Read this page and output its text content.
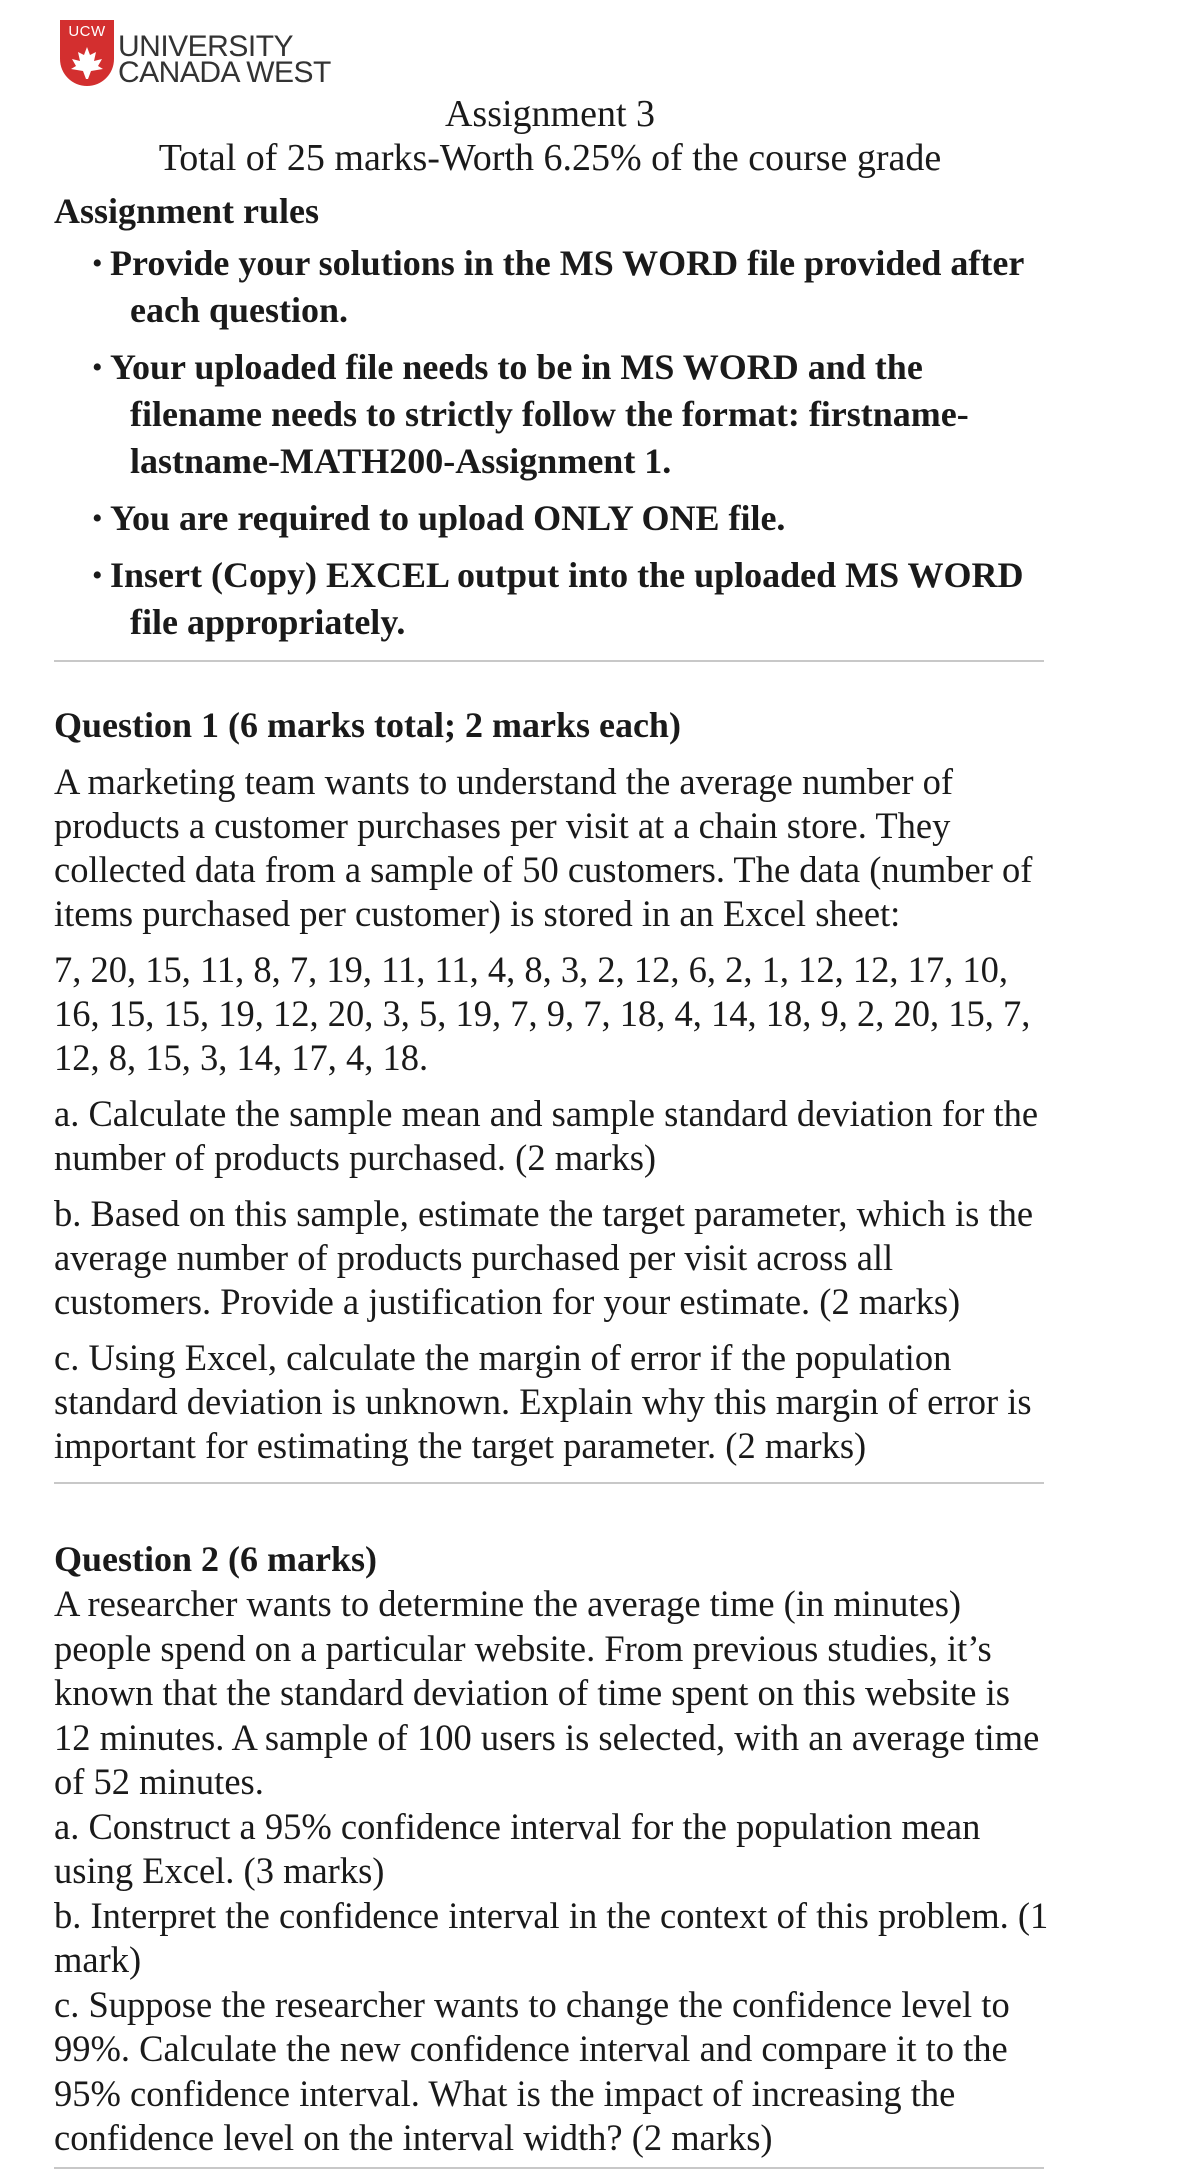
UCW UNIVERSITY
CANADA WEST
Assignment 3
Total of 25 marks-Worth 6.25% of the course grade

Assignment rules

• Provide your solutions in the MS WORD file provided after each question.
• Your uploaded file needs to be in MS WORD and the filename needs to strictly follow the format: firstname-lastname-MATH200-Assignment 1.
• You are required to upload ONLY ONE file.
• Insert (Copy) EXCEL output into the uploaded MS WORD file appropriately.

Question 1 (6 marks total; 2 marks each)

A marketing team wants to understand the average number of products a customer purchases per visit at a chain store. They collected data from a sample of 50 customers. The data (number of items purchased per customer) is stored in an Excel sheet:

7, 20, 15, 11, 8, 7, 19, 11, 11, 4, 8, 3, 2, 12, 6, 2, 1, 12, 12, 17, 10, 16, 15, 15, 19, 12, 20, 3, 5, 19, 7, 9, 7, 18, 4, 14, 18, 9, 2, 20, 15, 7, 12, 8, 15, 3, 14, 17, 4, 18.

a. Calculate the sample mean and sample standard deviation for the number of products purchased. (2 marks)

b. Based on this sample, estimate the target parameter, which is the average number of products purchased per visit across all customers. Provide a justification for your estimate. (2 marks)

c. Using Excel, calculate the margin of error if the population standard deviation is unknown. Explain why this margin of error is important for estimating the target parameter. (2 marks)

Question 2 (6 marks)

A researcher wants to determine the average time (in minutes) people spend on a particular website. From previous studies, it’s known that the standard deviation of time spent on this website is 12 minutes. A sample of 100 users is selected, with an average time of 52 minutes.

a. Construct a 95% confidence interval for the population mean using Excel. (3 marks)

b. Interpret the confidence interval in the context of this problem. (1 mark)

c. Suppose the researcher wants to change the confidence level to 99%. Calculate the new confidence interval and compare it to the 95% confidence interval. What is the impact of increasing the confidence level on the interval width? (2 marks)
